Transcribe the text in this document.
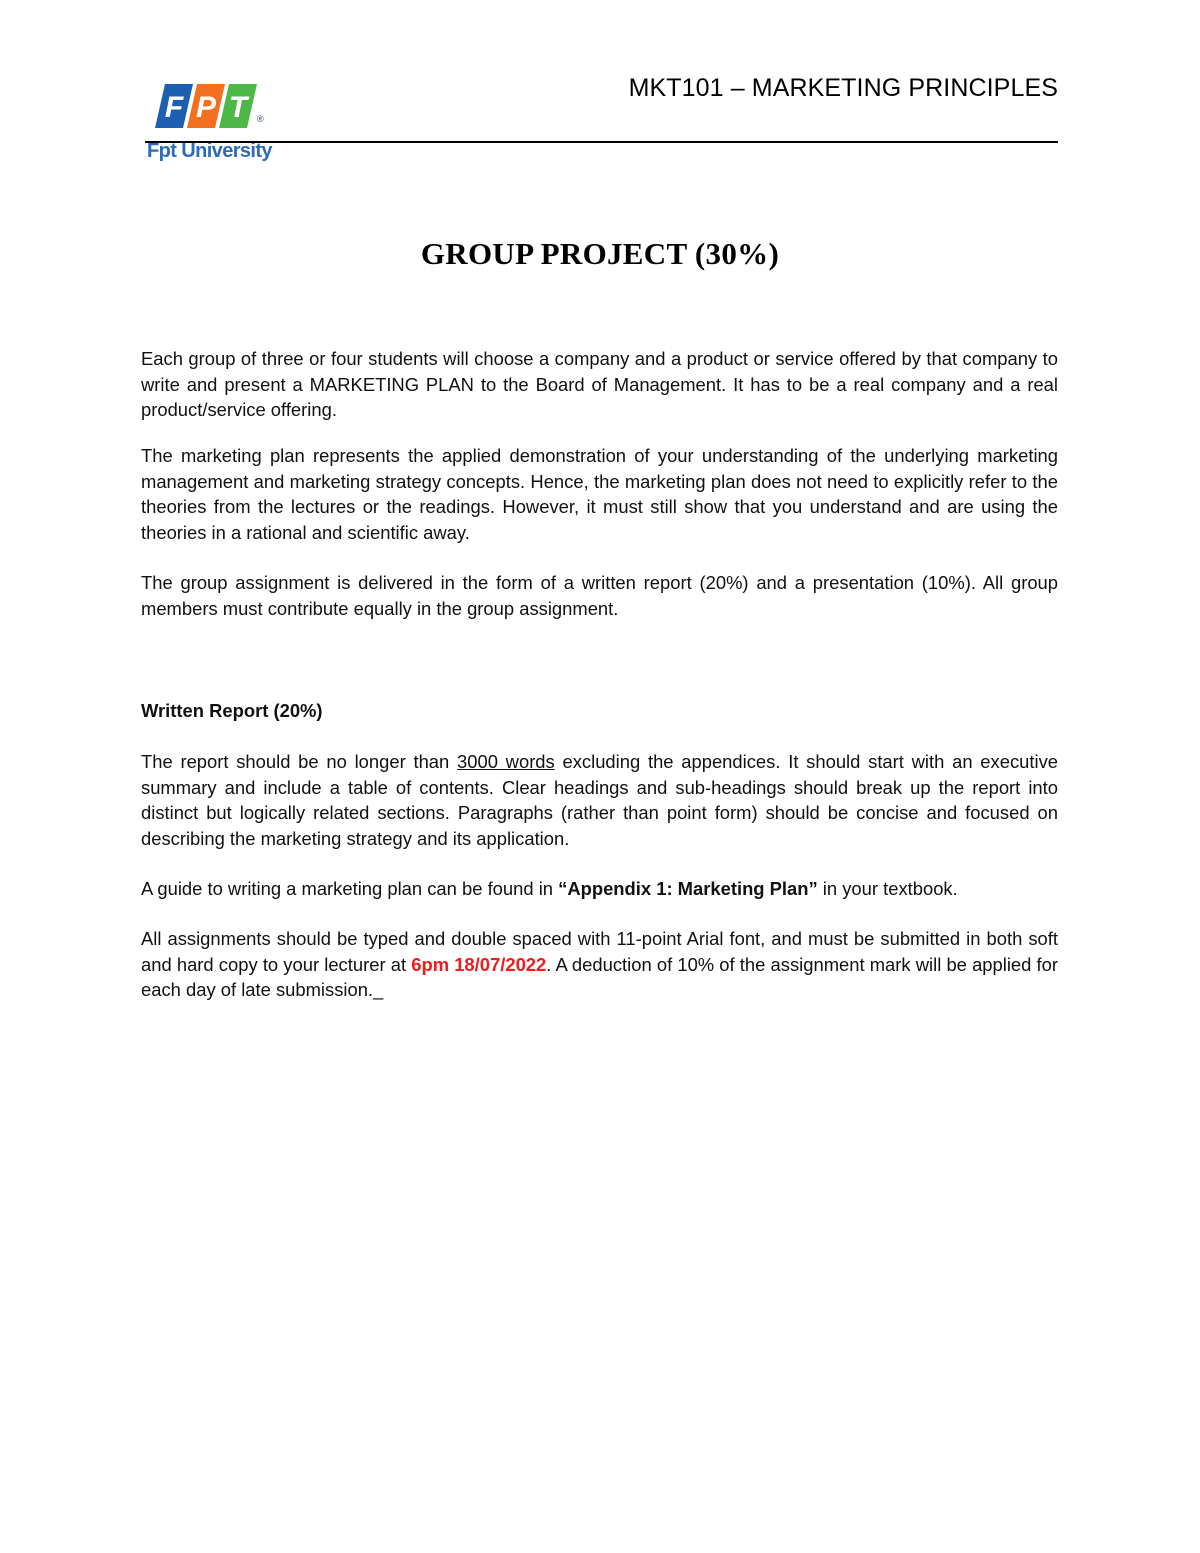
F P T ®
Fpt University
MKT101 – MARKETING PRINCIPLES
GROUP PROJECT (30%)

Each group of three or four students will choose a company and a product or service offered by that company to write and present a MARKETING PLAN to the Board of Management. It has to be a real company and a real product/service offering.

The marketing plan represents the applied demonstration of your understanding of the underlying marketing management and marketing strategy concepts. Hence, the marketing plan does not need to explicitly refer to the theories from the lectures or the readings. However, it must still show that you understand and are using the theories in a rational and scientific away.

The group assignment is delivered in the form of a written report (20%) and a presentation (10%). All group members must contribute equally in the group assignment.

Written Report (20%)

The report should be no longer than 3000 words excluding the appendices. It should start with an executive summary and include a table of contents. Clear headings and sub-headings should break up the report into distinct but logically related sections. Paragraphs (rather than point form) should be concise and focused on describing the marketing strategy and its application.

A guide to writing a marketing plan can be found in “Appendix 1: Marketing Plan” in your textbook.

All assignments should be typed and double spaced with 11-point Arial font, and must be submitted in both soft and hard copy to your lecturer at 6pm 18/07/2022. A deduction of 10% of the assignment mark will be applied for each day of late submission._
